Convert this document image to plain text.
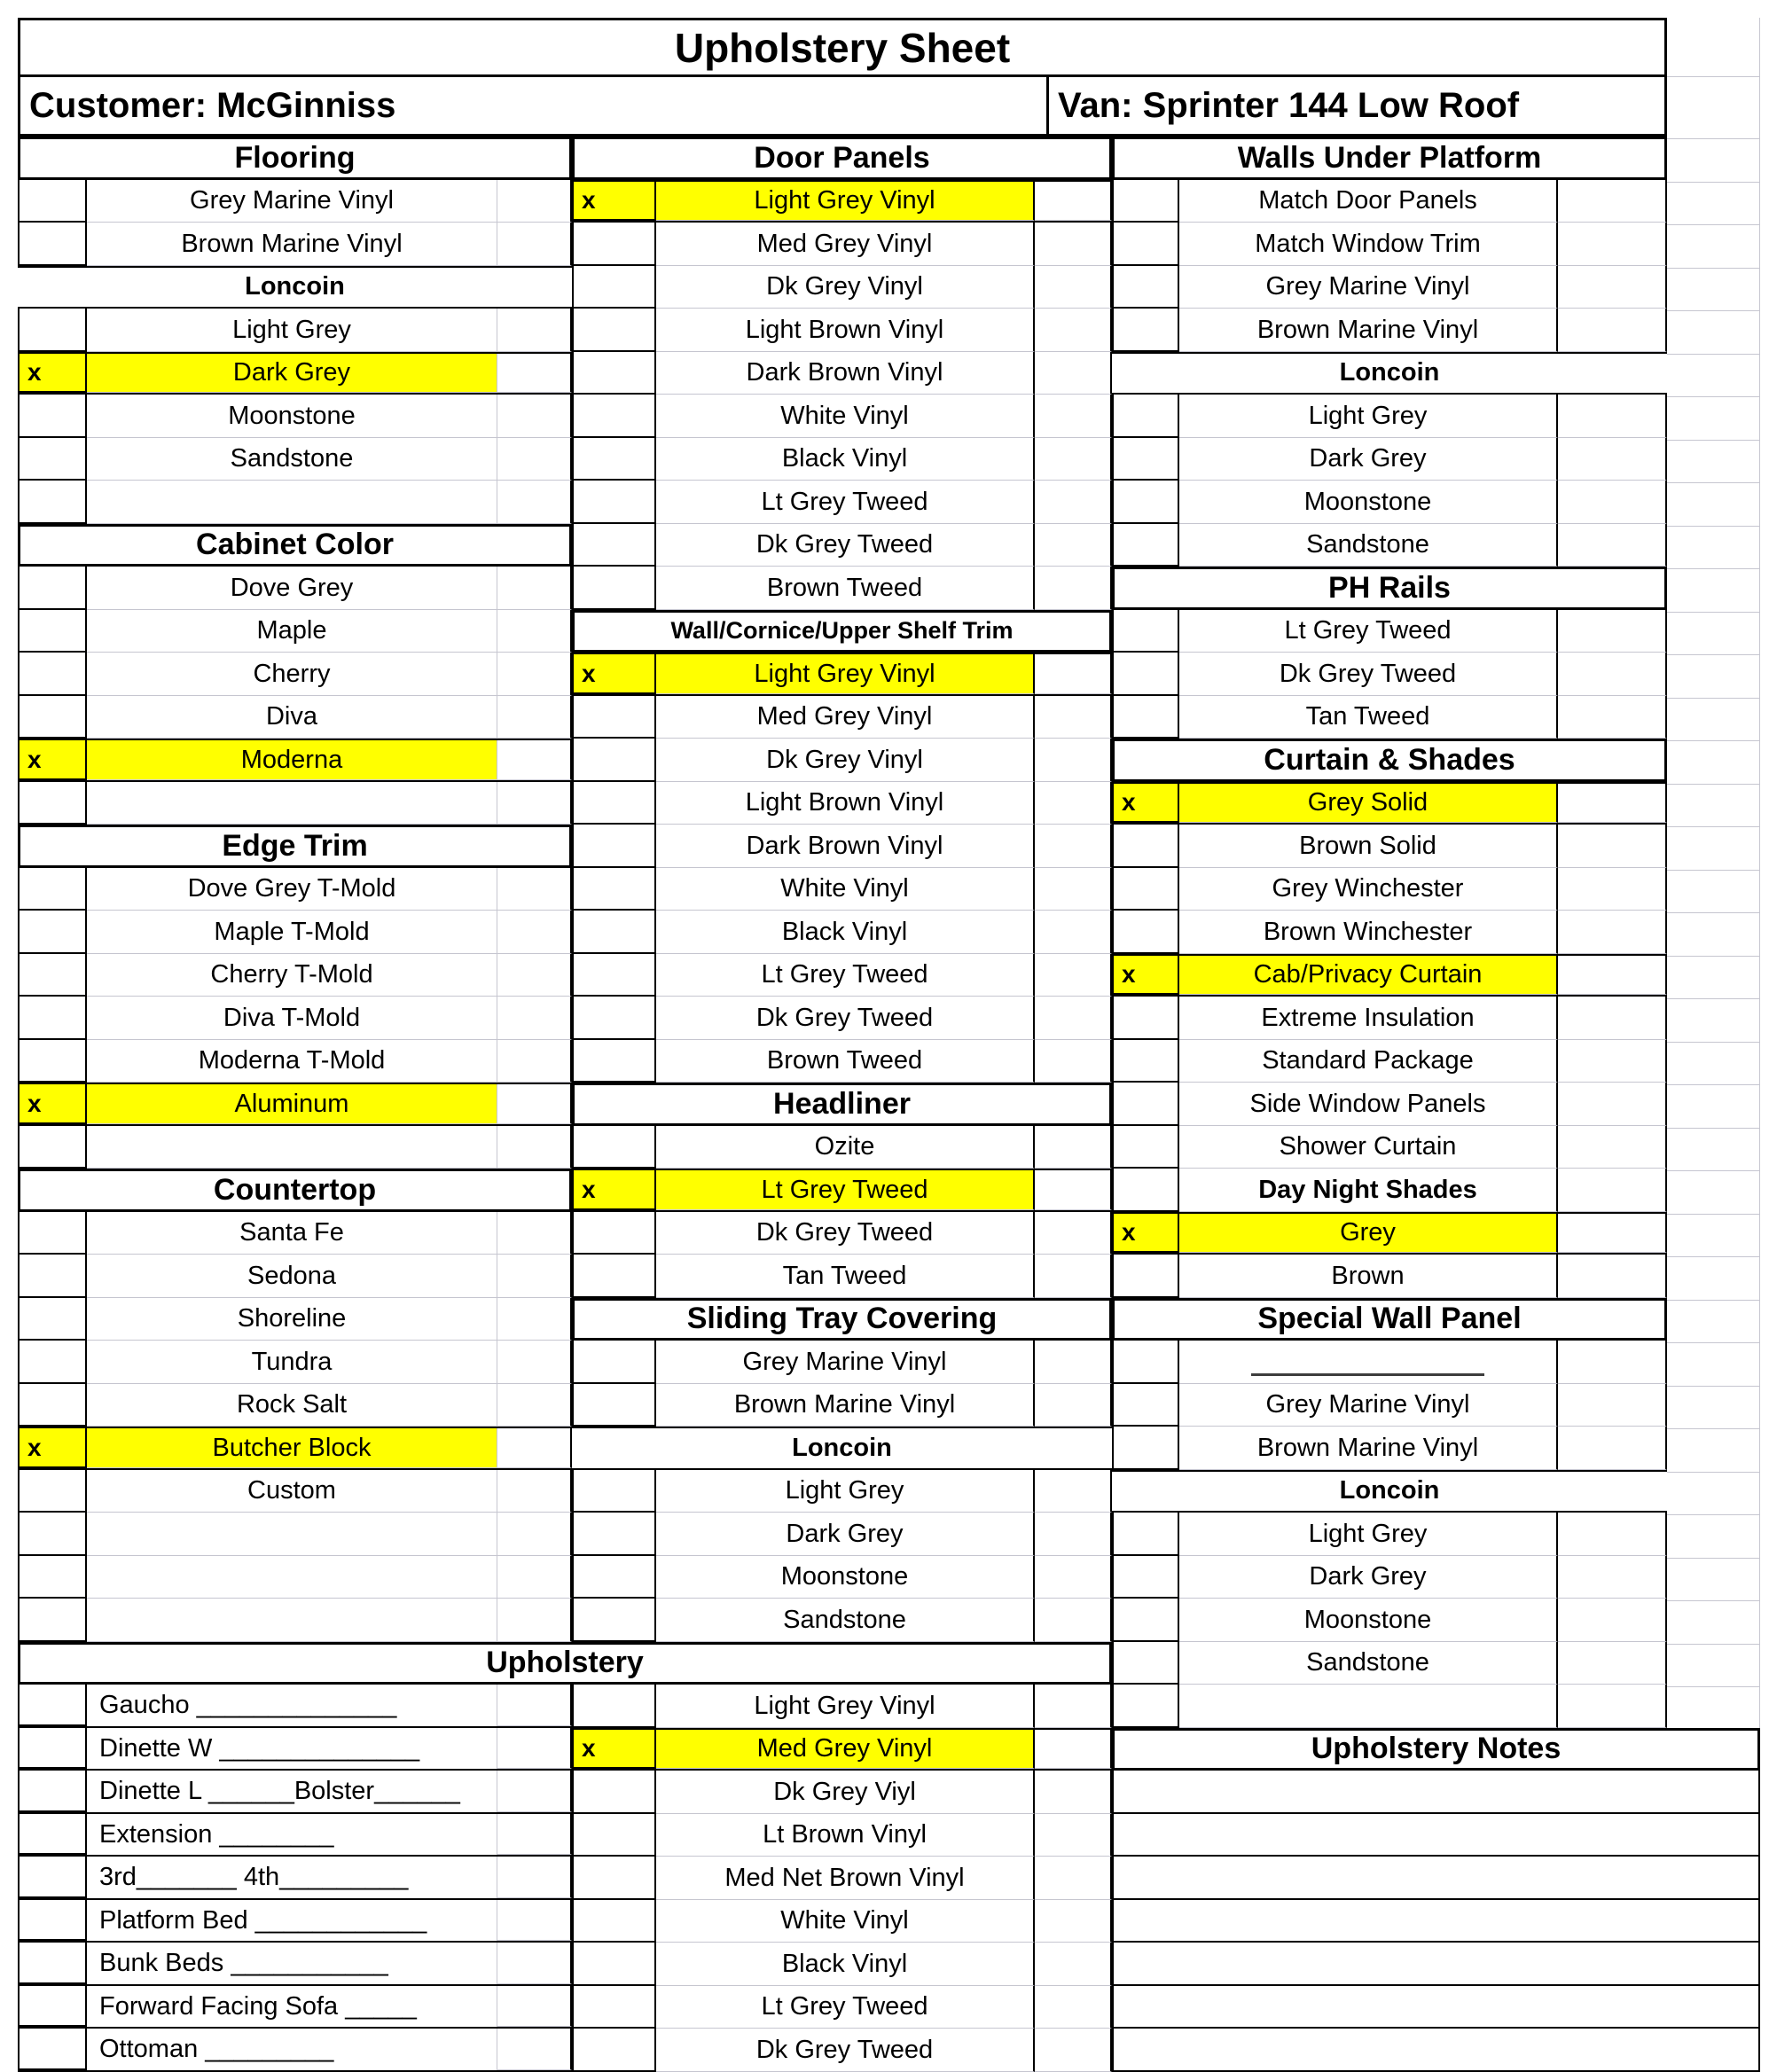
Upholstery Sheet
Customer: McGinniss	Van: Sprinter 144 Low Roof
Flooring
Grey Marine Vinyl
Brown Marine Vinyl
Loncoin
Light Grey
x	Dark Grey
Moonstone
Sandstone
Cabinet Color
Dove Grey
Maple
Cherry
Diva
x	Moderna
Edge Trim
Dove Grey T-Mold
Maple T-Mold
Cherry T-Mold
Diva T-Mold
Moderna T-Mold
x	Aluminum
Countertop
Santa Fe
Sedona
Shoreline
Tundra
Rock Salt
x	Butcher Block
Custom
Upholstery
Gaucho ______________
Dinette W ______________
Dinette L ______Bolster______
Extension ________
3rd_______ 4th_________
Platform Bed ____________
Bunk Beds ___________
Forward Facing Sofa _____
Ottoman _________
Door Panels
x	Light Grey Vinyl
Med Grey Vinyl
Dk Grey Vinyl
Light Brown Vinyl
Dark Brown Vinyl
White Vinyl
Black Vinyl
Lt Grey Tweed
Dk Grey Tweed
Brown Tweed
Wall/Cornice/Upper Shelf Trim
x	Light Grey Vinyl
Med Grey Vinyl
Dk Grey Vinyl
Light Brown Vinyl
Dark Brown Vinyl
White Vinyl
Black Vinyl
Lt Grey Tweed
Dk Grey Tweed
Brown Tweed
Headliner
Ozite
x	Lt Grey Tweed
Dk Grey Tweed
Tan Tweed
Sliding Tray Covering
Grey Marine Vinyl
Brown Marine Vinyl
Loncoin
Light Grey
Dark Grey
Moonstone
Sandstone
Light Grey Vinyl
x	Med Grey Vinyl
Dk Grey Viyl
Lt Brown Vinyl
Med Net Brown Vinyl
White Vinyl
Black Vinyl
Lt Grey Tweed
Dk Grey Tweed
Walls Under Platform
Match Door Panels
Match Window Trim
Grey Marine Vinyl
Brown Marine Vinyl
Loncoin
Light Grey
Dark Grey
Moonstone
Sandstone
PH Rails
Lt Grey Tweed
Dk Grey Tweed
Tan Tweed
Curtain & Shades
x	Grey Solid
Brown Solid
Grey Winchester
Brown Winchester
x	Cab/Privacy Curtain
Extreme Insulation
Standard Package
Side Window Panels
Shower Curtain
Day Night Shades
x	Grey
Brown
Special Wall Panel
Grey Marine Vinyl
Brown Marine Vinyl
Loncoin
Light Grey
Dark Grey
Moonstone
Sandstone
Upholstery Notes
